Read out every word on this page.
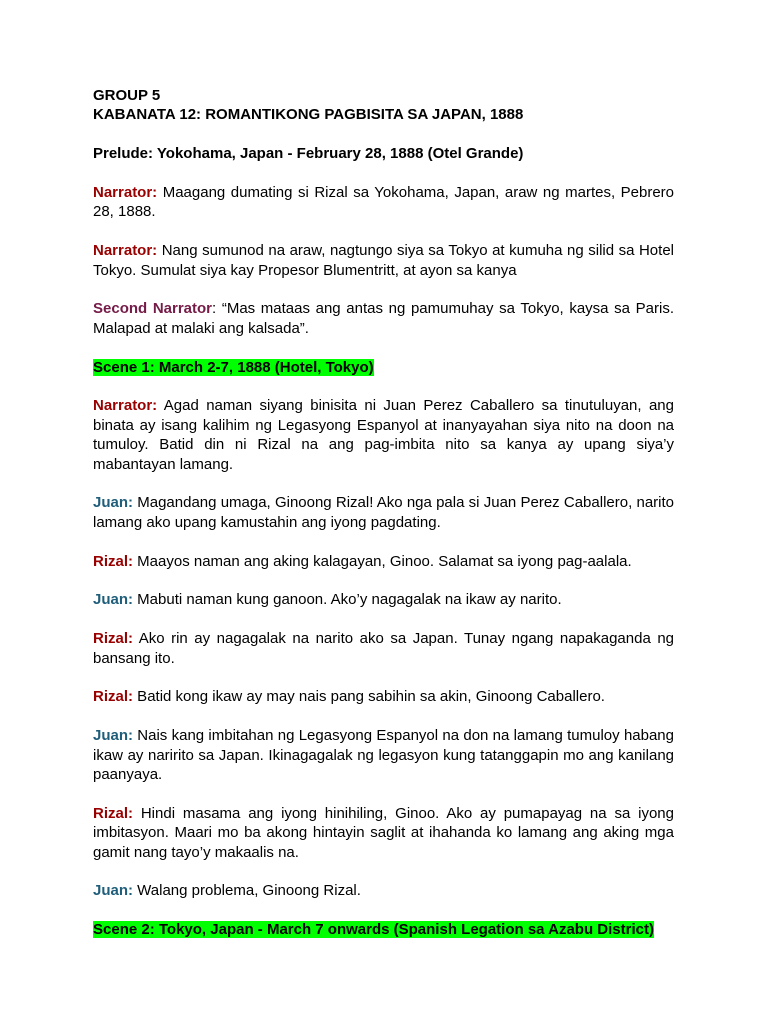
GROUP 5

KABANATA 12: ROMANTIKONG PAGBISITA SA JAPAN, 1888

Prelude: Yokohama, Japan - February 28, 1888 (Otel Grande)

Narrator: Maagang dumating si Rizal sa Yokohama, Japan, araw ng martes, Pebrero 28, 1888.

Narrator: Nang sumunod na araw, nagtungo siya sa Tokyo at kumuha ng silid sa Hotel Tokyo. Sumulat siya kay Propesor Blumentritt, at ayon sa kanya

Second Narrator: “Mas mataas ang antas ng pamumuhay sa Tokyo, kaysa sa Paris. Malapad at malaki ang kalsada”.

Scene 1: March 2-7, 1888 (Hotel, Tokyo)

Narrator: Agad naman siyang binisita ni Juan Perez Caballero sa tinutuluyan, ang binata ay isang kalihim ng Legasyong Espanyol at inanyayahan siya nito na doon na tumuloy. Batid din ni Rizal na ang pag-imbita nito sa kanya ay upang siya’y mabantayan lamang.

Juan: Magandang umaga, Ginoong Rizal! Ako nga pala si Juan Perez Caballero, narito lamang ako upang kamustahin ang iyong pagdating.

Rizal: Maayos naman ang aking kalagayan, Ginoo. Salamat sa iyong pag-aalala.

Juan: Mabuti naman kung ganoon. Ako’y nagagalak na ikaw ay narito.

Rizal: Ako rin ay nagagalak na narito ako sa Japan. Tunay ngang napakaganda ng bansang ito.

Rizal: Batid kong ikaw ay may nais pang sabihin sa akin, Ginoong Caballero.

Juan: Nais kang imbitahan ng Legasyong Espanyol na don na lamang tumuloy habang ikaw ay naririto sa Japan. Ikinagagalak ng legasyon kung tatanggapin mo ang kanilang paanyaya.

Rizal: Hindi masama ang iyong hinihiling, Ginoo. Ako ay pumapayag na sa iyong imbitasyon. Maari mo ba akong hintayin saglit at ihahanda ko lamang ang aking mga gamit nang tayo’y makaalis na.

Juan: Walang problema, Ginoong Rizal.

Scene 2: Tokyo, Japan - March 7 onwards (Spanish Legation sa Azabu District)
